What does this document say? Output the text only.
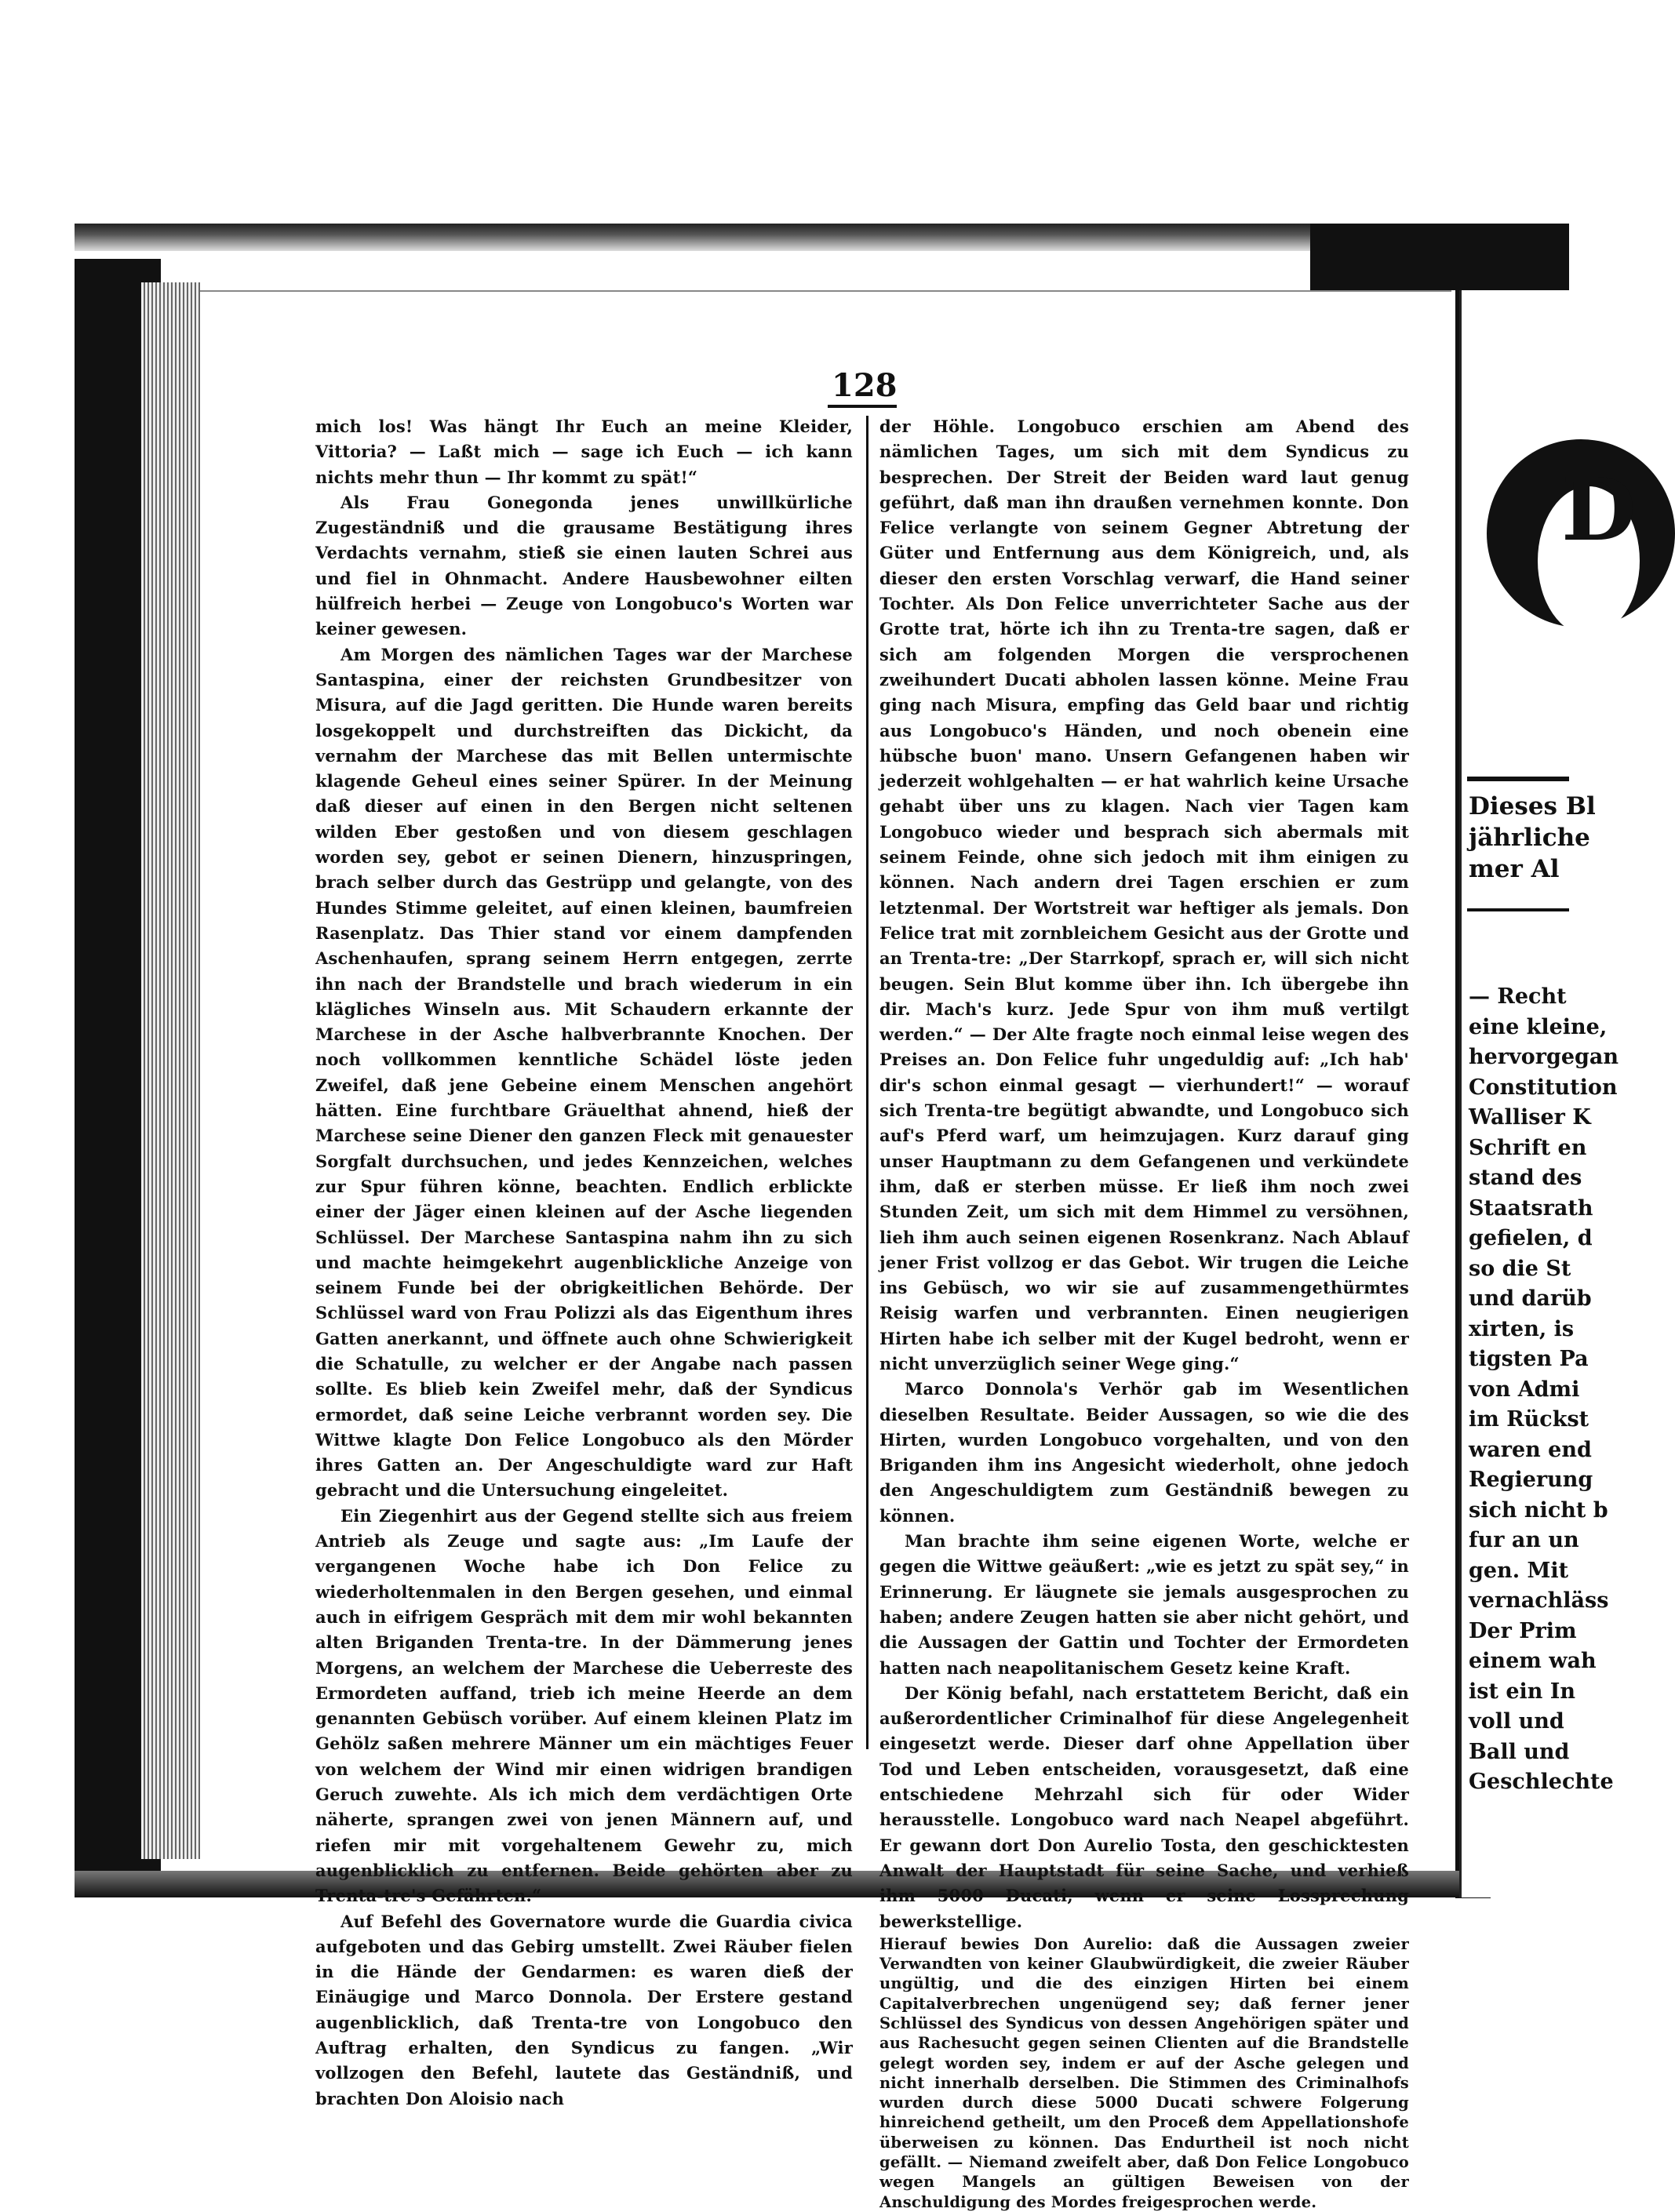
D
Dieses Bl
jährliche
mer Al
— Recht
eine kleine,
hervorgegan
Constitution
Walliser K
Schrift en
stand des
Staatsrath
gefielen, d
so die St
und darüb
xirten, is
tigsten Pa
von Admi
im Rückst
waren end
Regierung
sich nicht b
fur an un
gen. Mit
vernachläss
Der Prim
einem wah
ist ein In
voll und
Ball und
Geschlechte
128

mich los! Was hängt Ihr Euch an meine Kleider, Vittoria? — Laßt mich — sage ich Euch — ich kann nichts mehr thun — Ihr kommt zu spät!“

Als Frau Gonegonda jenes unwillkürliche Zugeständniß und die grausame Bestätigung ihres Verdachts vernahm, stieß sie einen lauten Schrei aus und fiel in Ohnmacht. Andere Hausbewohner eilten hülfreich herbei — Zeuge von Longobuco's Worten war keiner gewesen.

Am Morgen des nämlichen Tages war der Marchese Santaspina, einer der reichsten Grundbesitzer von Misura, auf die Jagd geritten. Die Hunde waren bereits losgekoppelt und durchstreiften das Dickicht, da vernahm der Marchese das mit Bellen untermischte klagende Geheul eines seiner Spürer. In der Meinung daß dieser auf einen in den Bergen nicht seltenen wilden Eber gestoßen und von diesem geschlagen worden sey, gebot er seinen Dienern, hinzuspringen, brach selber durch das Gestrüpp und gelangte, von des Hundes Stimme geleitet, auf einen kleinen, baumfreien Rasenplatz. Das Thier stand vor einem dampfenden Aschenhaufen, sprang seinem Herrn entgegen, zerrte ihn nach der Brandstelle und brach wiederum in ein klägliches Winseln aus. Mit Schaudern erkannte der Marchese in der Asche halbverbrannte Knochen. Der noch vollkommen kenntliche Schädel löste jeden Zweifel, daß jene Gebeine einem Menschen angehört hätten. Eine furchtbare Gräuelthat ahnend, hieß der Marchese seine Diener den ganzen Fleck mit genauester Sorgfalt durchsuchen, und jedes Kennzeichen, welches zur Spur führen könne, beachten. Endlich erblickte einer der Jäger einen kleinen auf der Asche liegenden Schlüssel. Der Marchese Santaspina nahm ihn zu sich und machte heimgekehrt augenblickliche Anzeige von seinem Funde bei der obrigkeitlichen Behörde. Der Schlüssel ward von Frau Polizzi als das Eigenthum ihres Gatten anerkannt, und öffnete auch ohne Schwierigkeit die Schatulle, zu welcher er der Angabe nach passen sollte. Es blieb kein Zweifel mehr, daß der Syndicus ermordet, daß seine Leiche verbrannt worden sey. Die Wittwe klagte Don Felice Longobuco als den Mörder ihres Gatten an. Der Angeschuldigte ward zur Haft gebracht und die Untersuchung eingeleitet.

Ein Ziegenhirt aus der Gegend stellte sich aus freiem Antrieb als Zeuge und sagte aus: „Im Laufe der vergangenen Woche habe ich Don Felice zu wiederholtenmalen in den Bergen gesehen, und einmal auch in eifrigem Gespräch mit dem mir wohl bekannten alten Briganden Trenta-tre. In der Dämmerung jenes Morgens, an welchem der Marchese die Ueberreste des Ermordeten auffand, trieb ich meine Heerde an dem genannten Gebüsch vorüber. Auf einem kleinen Platz im Gehölz saßen mehrere Männer um ein mächtiges Feuer von welchem der Wind mir einen widrigen brandigen Geruch zuwehte. Als ich mich dem verdächtigen Orte näherte, sprangen zwei von jenen Männern auf, und riefen mir mit vorgehaltenem Gewehr zu, mich augenblicklich zu entfernen. Beide gehörten aber zu Trenta-tre's Gefährten.“

Auf Befehl des Governatore wurde die Guardia civica aufgeboten und das Gebirg umstellt. Zwei Räuber fielen in die Hände der Gendarmen: es waren dieß der Einäugige und Marco Donnola. Der Erstere gestand augenblicklich, daß Trenta-tre von Longobuco den Auftrag erhalten, den Syndicus zu fangen. „Wir vollzogen den Befehl, lautete das Geständniß, und brachten Don Aloisio nach

der Höhle. Longobuco erschien am Abend des nämlichen Tages, um sich mit dem Syndicus zu besprechen. Der Streit der Beiden ward laut genug geführt, daß man ihn draußen vernehmen konnte. Don Felice verlangte von seinem Gegner Abtretung der Güter und Entfernung aus dem Königreich, und, als dieser den ersten Vorschlag verwarf, die Hand seiner Tochter. Als Don Felice unverrichteter Sache aus der Grotte trat, hörte ich ihn zu Trenta-tre sagen, daß er sich am folgenden Morgen die versprochenen zweihundert Ducati abholen lassen könne. Meine Frau ging nach Misura, empfing das Geld baar und richtig aus Longobuco's Händen, und noch obenein eine hübsche buon' mano. Unsern Gefangenen haben wir jederzeit wohlgehalten — er hat wahrlich keine Ursache gehabt über uns zu klagen. Nach vier Tagen kam Longobuco wieder und besprach sich abermals mit seinem Feinde, ohne sich jedoch mit ihm einigen zu können. Nach andern drei Tagen erschien er zum letztenmal. Der Wortstreit war heftiger als jemals. Don Felice trat mit zornbleichem Gesicht aus der Grotte und an Trenta-tre: „Der Starrkopf, sprach er, will sich nicht beugen. Sein Blut komme über ihn. Ich übergebe ihn dir. Mach's kurz. Jede Spur von ihm muß vertilgt werden.“ — Der Alte fragte noch einmal leise wegen des Preises an. Don Felice fuhr ungeduldig auf: „Ich hab' dir's schon einmal gesagt — vierhundert!“ — worauf sich Trenta-tre begütigt abwandte, und Longobuco sich auf's Pferd warf, um heimzujagen. Kurz darauf ging unser Hauptmann zu dem Gefangenen und verkündete ihm, daß er sterben müsse. Er ließ ihm noch zwei Stunden Zeit, um sich mit dem Himmel zu versöhnen, lieh ihm auch seinen eigenen Rosenkranz. Nach Ablauf jener Frist vollzog er das Gebot. Wir trugen die Leiche ins Gebüsch, wo wir sie auf zusammengethürmtes Reisig warfen und verbrannten. Einen neugierigen Hirten habe ich selber mit der Kugel bedroht, wenn er nicht unverzüglich seiner Wege ging.“

Marco Donnola's Verhör gab im Wesentlichen dieselben Resultate. Beider Aussagen, so wie die des Hirten, wurden Longobuco vorgehalten, und von den Briganden ihm ins Angesicht wiederholt, ohne jedoch den Angeschuldigtem zum Geständniß bewegen zu können.

Man brachte ihm seine eigenen Worte, welche er gegen die Wittwe geäußert: „wie es jetzt zu spät sey,“ in Erinnerung. Er läugnete sie jemals ausgesprochen zu haben; andere Zeugen hatten sie aber nicht gehört, und die Aussagen der Gattin und Tochter der Ermordeten hatten nach neapolitanischem Gesetz keine Kraft.

Der König befahl, nach erstattetem Bericht, daß ein außerordentlicher Criminalhof für diese Angelegenheit eingesetzt werde. Dieser darf ohne Appellation über Tod und Leben entscheiden, vorausgesetzt, daß eine entschiedene Mehrzahl sich für oder Wider herausstelle. Longobuco ward nach Neapel abgeführt. Er gewann dort Don Aurelio Tosta, den geschicktesten Anwalt der Hauptstadt für seine Sache, und verhieß ihm 5000 Ducati, wenn er seine Lossprechung bewerkstellige.

Hierauf bewies Don Aurelio: daß die Aussagen zweier Verwandten von keiner Glaubwürdigkeit, die zweier Räuber ungültig, und die des einzigen Hirten bei einem Capitalverbrechen ungenügend sey; daß ferner jener Schlüssel des Syndicus von dessen Angehörigen später und aus Rachesucht gegen seinen Clienten auf die Brandstelle gelegt worden sey, indem er auf der Asche gelegen und nicht innerhalb derselben. Die Stimmen des Criminalhofs wurden durch diese 5000 Ducati schwere Folgerung hinreichend getheilt, um den Proceß dem Appellationshofe überweisen zu können. Das Endurtheil ist noch nicht gefällt. — Niemand zweifelt aber, daß Don Felice Longobuco wegen Mangels an gültigen Beweisen von der Anschuldigung des Mordes freigesprochen werde.
